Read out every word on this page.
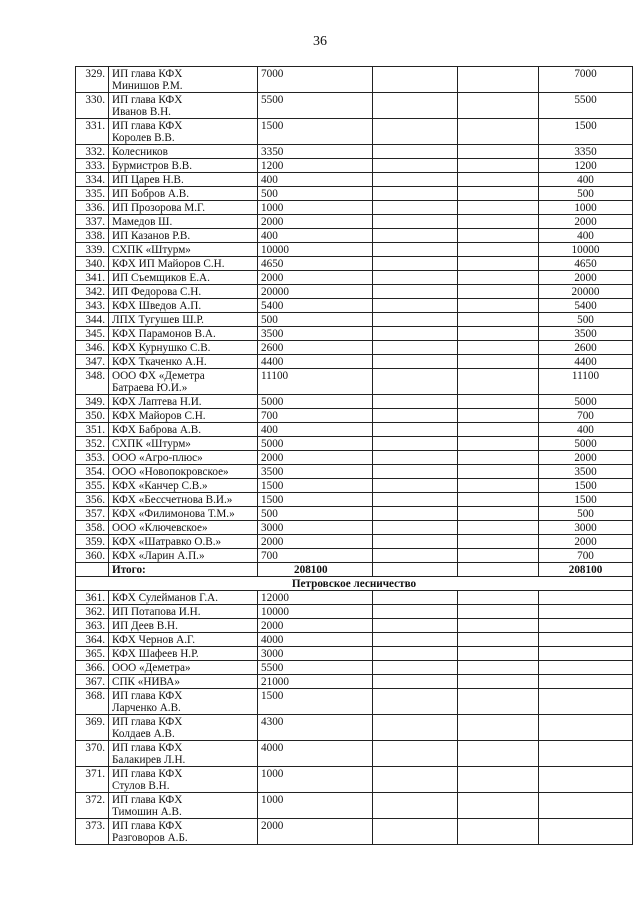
36
329.	ИП глава КФХ
Минишов Р.М.	7000			7000
330.	ИП глава КФХ
Иванов В.Н.	5500			5500
331.	ИП глава КФХ
Королев В.В.	1500			1500
332.	Колесников	3350			3350
333.	Бурмистров В.В.	1200			1200
334.	ИП Царев Н.В.	400			400
335.	ИП Бобров А.В.	500			500
336.	ИП Прозорова М.Г.	1000			1000
337.	Мамедов Ш.	2000			2000
338.	ИП Казанов Р.В.	400			400
339.	СХПК «Штурм»	10000			10000
340.	КФХ ИП Майоров С.Н.	4650			4650
341.	ИП Съемщиков Е.А.	2000			2000
342.	ИП Федорова С.Н.	20000			20000
343.	КФХ Шведов А.П.	5400			5400
344.	ЛПХ Тугушев Ш.Р.	500			500
345.	КФХ Парамонов В.А.	3500			3500
346.	КФХ Курнушко С.В.	2600			2600
347.	КФХ Ткаченко А.Н.	4400			4400
348.	ООО ФХ «Деметра
Батраева Ю.И.»	11100			11100
349.	КФХ Лаптева Н.И.	5000			5000
350.	КФХ Майоров С.Н.	700			700
351.	КФХ Баброва А.В.	400			400
352.	СХПК «Штурм»	5000			5000
353.	ООО «Агро-плюс»	2000			2000
354.	ООО «Новопокровское»	3500			3500
355.	КФХ «Канчер С.В.»	1500			1500
356.	КФХ «Бессчетнова В.И.»	1500			1500
357.	КФХ «Филимонова Т.М.»	500			500
358.	ООО «Ключевское»	3000			3000
359.	КФХ «Шатравко О.В.»	2000			2000
360.	КФХ «Ларин А.П.»	700			700
	Итого:	208100			208100
Петровское лесничество					
361.	КФХ Сулейманов Г.А.	12000			
362.	ИП Потапова И.Н.	10000			
363.	ИП Деев В.Н.	2000			
364.	КФХ Чернов А.Г.	4000			
365.	КФХ Шафеев Н.Р.	3000			
366.	ООО «Деметра»	5500			
367.	СПК «НИВА»	21000			
368.	ИП глава КФХ
Ларченко А.В.	1500			
369.	ИП глава КФХ
Колдаев А.В.	4300			
370.	ИП глава КФХ
Балакирев Л.Н.	4000			
371.	ИП глава КФХ
Стулов В.Н.	1000			
372.	ИП глава КФХ
Тимошин А.В.	1000			
373.	ИП глава КФХ
Разговоров А.Б.	2000			
